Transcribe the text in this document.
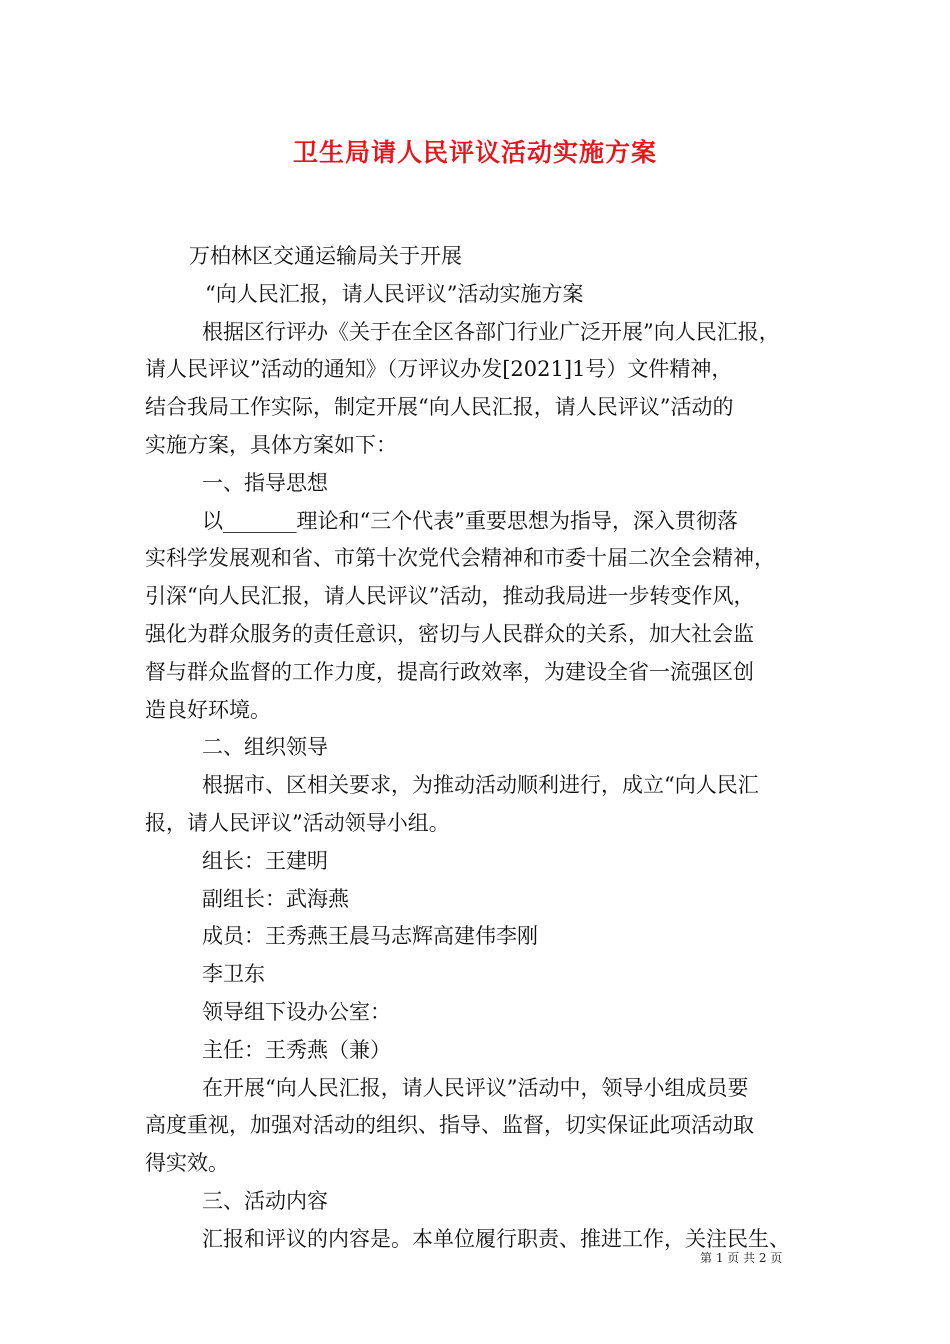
卫生局请人民评议活动实施方案
万柏林区交通运输局关于开展
“向人民汇报，请人民评议”活动实施方案
根据区行评办《关于在全区各部门行业广泛开展”向人民汇报，
请人民评议”活动的通知》（万评议办发[2021]1号）文件精神，
结合我局工作实际，制定开展“向人民汇报，请人民评议”活动的
实施方案，具体方案如下：
一、指导思想
以_______理论和“三个代表”重要思想为指导，深入贯彻落
实科学发展观和省、市第十次党代会精神和市委十届二次全会精神，
引深“向人民汇报，请人民评议”活动，推动我局进一步转变作风，
强化为群众服务的责任意识，密切与人民群众的关系，加大社会监
督与群众监督的工作力度，提高行政效率，为建设全省一流强区创
造良好环境。
二、组织领导
根据市、区相关要求，为推动活动顺利进行，成立“向人民汇
报，请人民评议”活动领导小组。
组长：王建明
副组长：武海燕
成员：王秀燕王晨马志辉高建伟李刚
李卫东
领导组下设办公室：
主任：王秀燕（兼）
在开展“向人民汇报，请人民评议”活动中，领导小组成员要
高度重视，加强对活动的组织、指导、监督，切实保证此项活动取
得实效。
三、活动内容
汇报和评议的内容是。本单位履行职责、推进工作，关注民生、
第 1 页 共 2 页
